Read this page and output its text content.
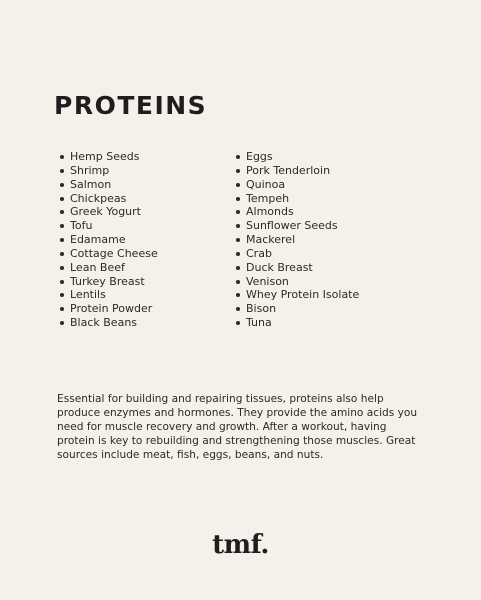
PROTEINS
Hemp Seeds
Shrimp
Salmon
Chickpeas
Greek Yogurt
Tofu
Edamame
Cottage Cheese
Lean Beef
Turkey Breast
Lentils
Protein Powder
Black Beans
Eggs
Pork Tenderloin
Quinoa
Tempeh
Almonds
Sunflower Seeds
Mackerel
Crab
Duck Breast
Venison
Whey Protein Isolate
Bison
Tuna

Essential for building and repairing tissues, proteins also help produce enzymes and hormones. They provide the amino acids you need for muscle recovery and growth. After a workout, having protein is key to rebuilding and strengthening those muscles. Great sources include meat, fish, eggs, beans, and nuts.

tmf.
